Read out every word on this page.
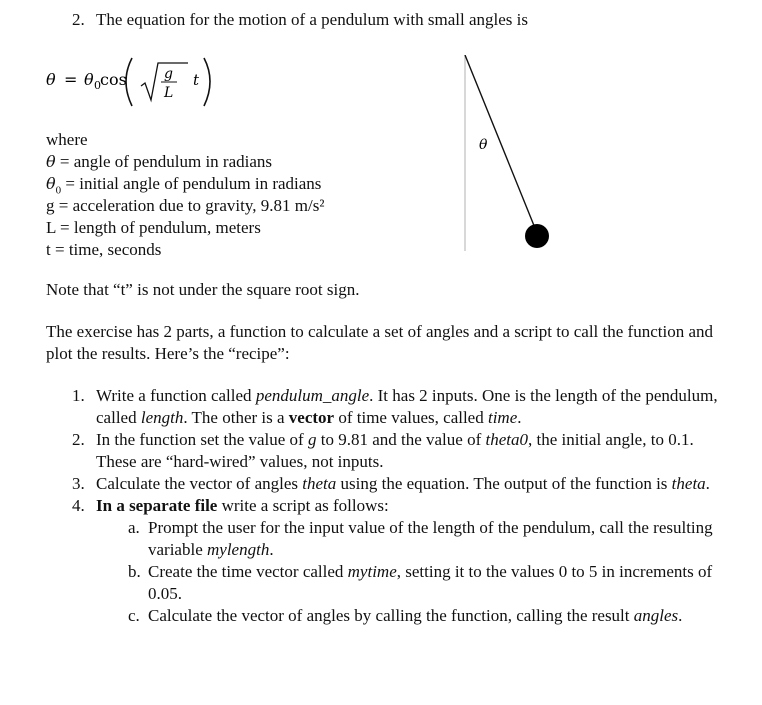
2. The equation for the motion of a pendulum with small angles is
θ = θ 0 cos	g
L
t
θ
where
θ = angle of pendulum in radians
$\theta_0$ = initial angle of pendulum in radians
g = acceleration due to gravity, 9.81 m/s²
L = length of pendulum, meters
t = time, seconds
Note that “t” is not under the square root sign.
The exercise has 2 parts, a function to calculate a set of angles and a script to call the function and plot the results. Here’s the “recipe”:
1. Write a function called pendulum_angle. It has 2 inputs. One is the length of the pendulum, called length. The other is a vector of time values, called time.
2. In the function set the value of g to 9.81 and the value of theta0, the initial angle, to 0.1. These are “hard-wired” values, not inputs.
3. Calculate the vector of angles theta using the equation. The output of the function is theta.
4. In a separate file write a script as follows:
a. Prompt the user for the input value of the length of the pendulum, call the resulting variable mylength.
b. Create the time vector called mytime, setting it to the values 0 to 5 in increments of 0.05.
c. Calculate the vector of angles by calling the function, calling the result angles.
